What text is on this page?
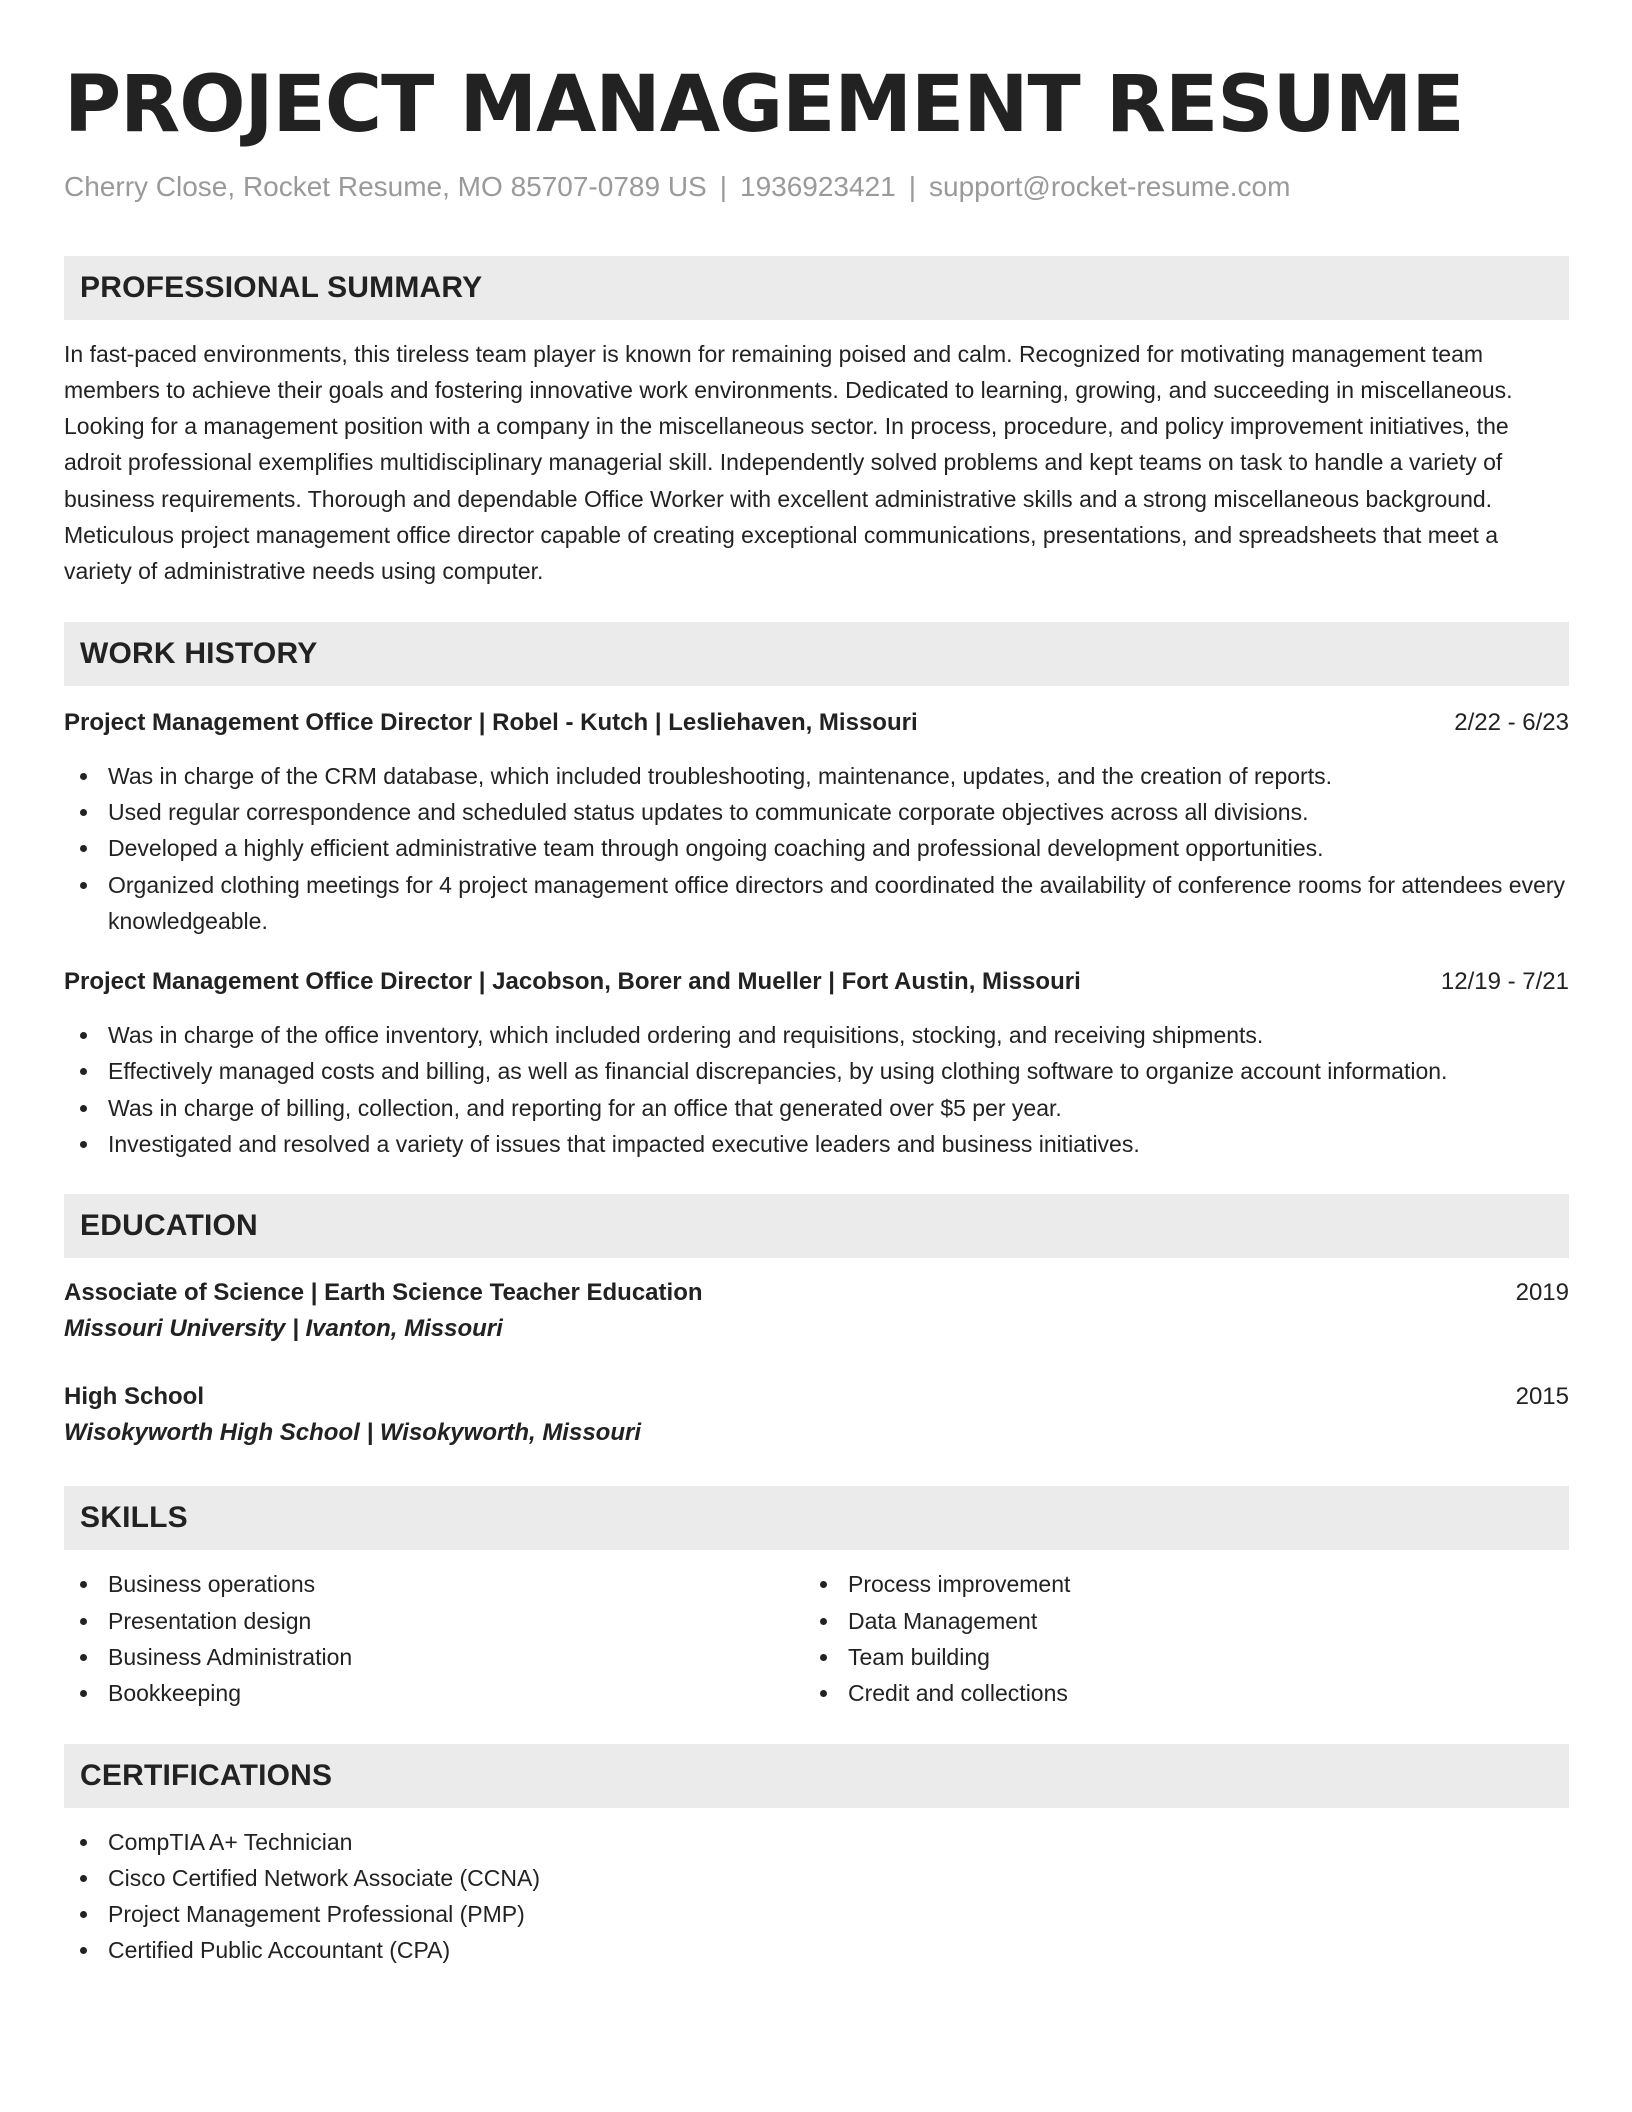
PROJECT MANAGEMENT RESUME
Cherry Close, Rocket Resume, MO 85707-0789 US | 1936923421 | support@rocket-resume.com
PROFESSIONAL SUMMARY
In fast-paced environments, this tireless team player is known for remaining poised and calm. Recognized for motivating management team members to achieve their goals and fostering innovative work environments. Dedicated to learning, growing, and succeeding in miscellaneous. Looking for a management position with a company in the miscellaneous sector. In process, procedure, and policy improvement initiatives, the adroit professional exemplifies multidisciplinary managerial skill. Independently solved problems and kept teams on task to handle a variety of business requirements. Thorough and dependable Office Worker with excellent administrative skills and a strong miscellaneous background. Meticulous project management office director capable of creating exceptional communications, presentations, and spreadsheets that meet a variety of administrative needs using computer.
WORK HISTORY
Project Management Office Director | Robel - Kutch | Lesliehaven, Missouri	2/22 - 6/23
Was in charge of the CRM database, which included troubleshooting, maintenance, updates, and the creation of reports.
Used regular correspondence and scheduled status updates to communicate corporate objectives across all divisions.
Developed a highly efficient administrative team through ongoing coaching and professional development opportunities.
Organized clothing meetings for 4 project management office directors and coordinated the availability of conference rooms for attendees every knowledgeable.
Project Management Office Director | Jacobson, Borer and Mueller | Fort Austin, Missouri	12/19 - 7/21
Was in charge of the office inventory, which included ordering and requisitions, stocking, and receiving shipments.
Effectively managed costs and billing, as well as financial discrepancies, by using clothing software to organize account information.
Was in charge of billing, collection, and reporting for an office that generated over $5 per year.
Investigated and resolved a variety of issues that impacted executive leaders and business initiatives.
EDUCATION
Associate of Science | Earth Science Teacher Education	2019
Missouri University | Ivanton, Missouri
High School	2015
Wisokyworth High School | Wisokyworth, Missouri
SKILLS
Business operations
Presentation design
Business Administration
Bookkeeping
Process improvement
Data Management
Team building
Credit and collections
CERTIFICATIONS
CompTIA A+ Technician
Cisco Certified Network Associate (CCNA)
Project Management Professional (PMP)
Certified Public Accountant (CPA)
